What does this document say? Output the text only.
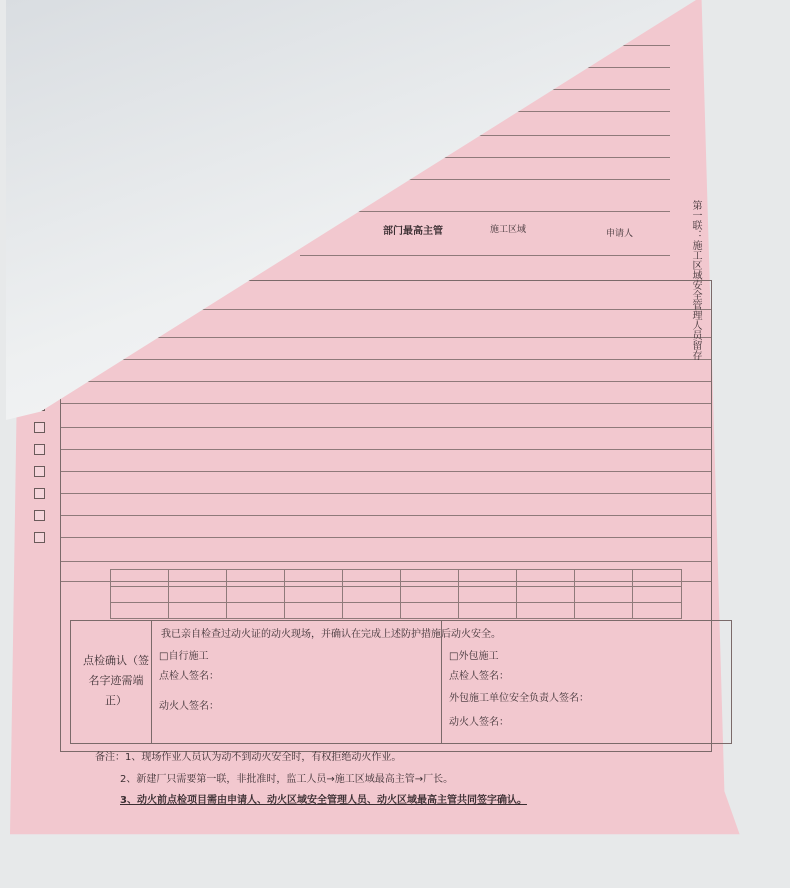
部门最高主管	施工区域	申请人
我已亲自检查过动火证的动火现场，并确认在完成上述防护措施后动火安全。
点检确认（签名字迹需端正）
□自行施工
点检人签名：
动火人签名：
□外包施工
点检人签名：
外包施工单位安全负责人签名：
动火人签名：
备注：1、现场作业人员认为动不到动火安全时，有权拒绝动火作业。
2、新建厂只需要第一联，非批准时，监工人员→施工区域最高主管→厂长。
3、动火前点检项目需由申请人、动火区域安全管理人员、动火区域最高主管共同签字确认。
第一联：施工区域安全管理人员留存
